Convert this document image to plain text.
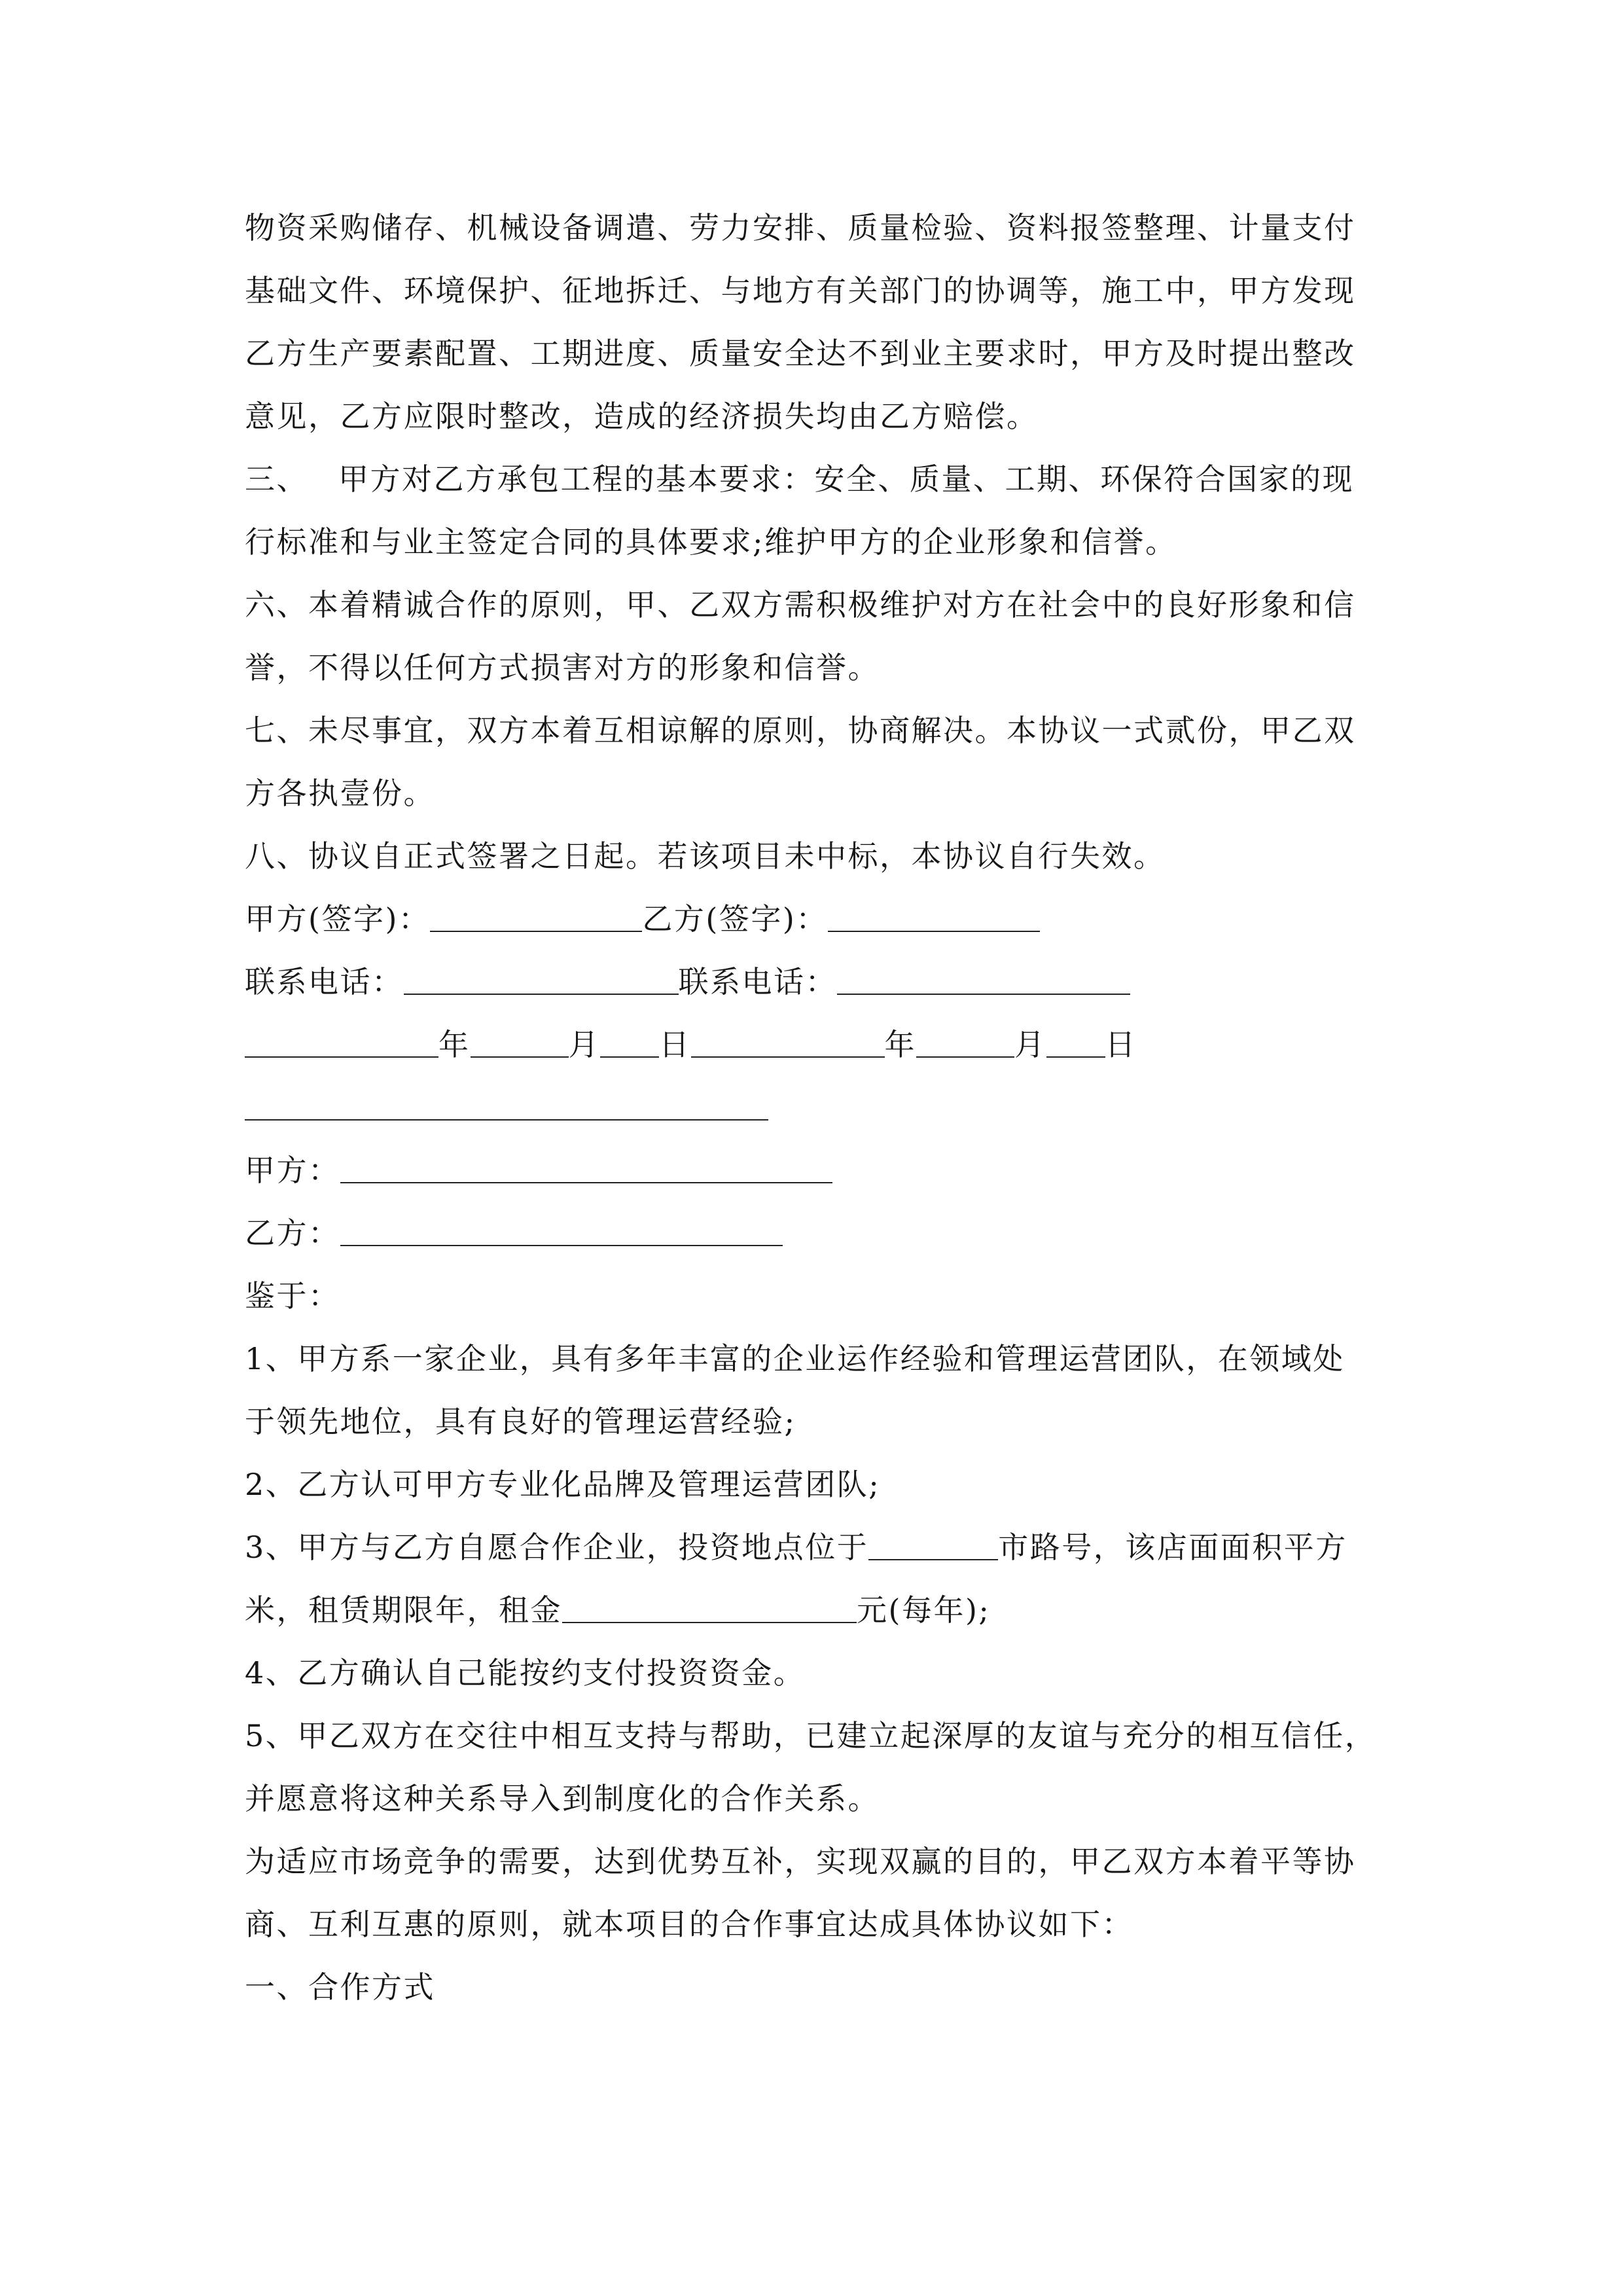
物资采购储存、机械设备调遣、劳力安排、质量检验、资料报签整理、计量支付
基础文件、环境保护、征地拆迁、与地方有关部门的协调等，施工中，甲方发现
乙方生产要素配置、工期进度、质量安全达不到业主要求时，甲方及时提出整改
意见，乙方应限时整改，造成的经济损失均由乙方赔偿。
三、 甲方对乙方承包工程的基本要求：安全、质量、工期、环保符合国家的现
行标准和与业主签定合同的具体要求;维护甲方的企业形象和信誉。
六、本着精诚合作的原则，甲、乙双方需积极维护对方在社会中的良好形象和信
誉，不得以任何方式损害对方的形象和信誉。
七、未尽事宜，双方本着互相谅解的原则，协商解决。本协议一式贰份，甲乙双
方各执壹份。
八、协议自正式签署之日起。若该项目未中标，本协议自行失效。
甲方(签字)：	乙方(签字)：
联系电话：	联系电话：
年	月 日	年	月 日
甲方：
乙方：
鉴于：
1、甲方系一家企业，具有多年丰富的企业运作经验和管理运营团队，在领域处
于领先地位，具有良好的管理运营经验;
2、乙方认可甲方专业化品牌及管理运营团队;
3、甲方与乙方自愿合作企业，投资地点位于	市路号，该店面面积平方
米，租赁期限年，租金	元(每年);
4、乙方确认自己能按约支付投资资金。
5、甲乙双方在交往中相互支持与帮助，已建立起深厚的友谊与充分的相互信任，
并愿意将这种关系导入到制度化的合作关系。
为适应市场竞争的需要，达到优势互补，实现双赢的目的，甲乙双方本着平等协
商、互利互惠的原则，就本项目的合作事宜达成具体协议如下：
一、合作方式
